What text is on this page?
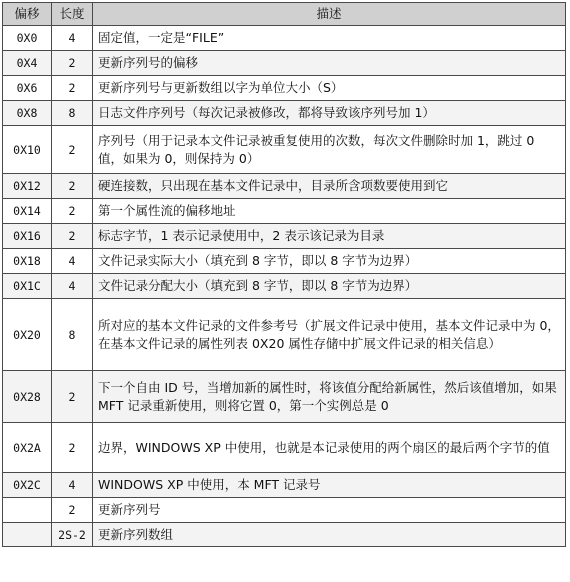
偏移	长度	描述
0X0	4	固定值，一定是“FILE”
0X4	2	更新序列号的偏移
0X6	2	更新序列号与更新数组以字为单位大小（S）
0X8	8	日志文件序列号（每次记录被修改，都将导致该序列号加 1）
0X10	2	序列号（用于记录本文件记录被重复使用的次数，每次文件删除时加 1，跳过 0 值，如果为 0，则保持为 0）
0X12	2	硬连接数，只出现在基本文件记录中，目录所含项数要使用到它
0X14	2	第一个属性流的偏移地址
0X16	2	标志字节，1 表示记录使用中，2 表示该记录为目录
0X18	4	文件记录实际大小（填充到 8 字节，即以 8 字节为边界）
0X1C	4	文件记录分配大小（填充到 8 字节，即以 8 字节为边界）
0X20	8	所对应的基本文件记录的文件参考号（扩展文件记录中使用，基本文件记录中为 0，在基本文件记录的属性列表 0X20 属性存储中扩展文件记录的相关信息）
0X28	2	下一个自由 ID 号，当增加新的属性时，将该值分配给新属性，然后该值增加，如果 MFT 记录重新使用，则将它置 0，第一个实例总是 0
0X2A	2	边界，WINDOWS XP 中使用，也就是本记录使用的两个扇区的最后两个字节的值
0X2C	4	WINDOWS XP 中使用，本 MFT 记录号
	2	更新序列号
	2S-2	更新序列数组
